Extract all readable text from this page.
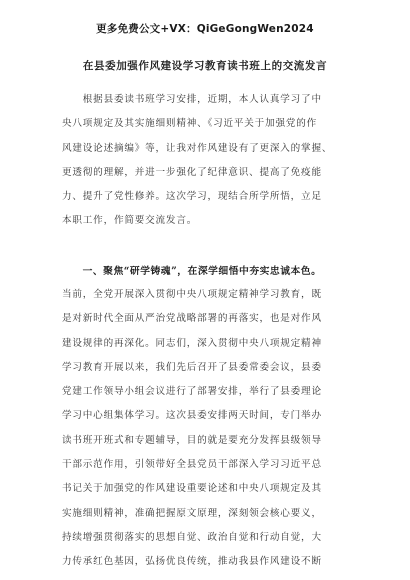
更多免费公文+VX：QiGeGongWen2024
在县委加强作风建设学习教育读书班上的交流发言
　　根据县委读书班学习安排，近期，本人认真学习了中
央八项规定及其实施细则精神、《习近平关于加强党的作
风建设论述摘编》等，让我对作风建设有了更深入的掌握、
更透彻的理解，并进一步强化了纪律意识、提高了免疫能
力、提升了党性修养。这次学习，现结合所学所悟，立足
本职工作，作简要交流发言。
　　一、聚焦“研学铸魂”，在深学细悟中夯实忠诚本色。
当前，全党开展深入贯彻中央八项规定精神学习教育，既
是对新时代全面从严治党战略部署的再落实，也是对作风
建设规律的再深化。同志们，深入贯彻中央八项规定精神
学习教育开展以来，我们先后召开了县委常委会议，县委
党建工作领导小组会议进行了部署安排，举行了县委理论
学习中心组集体学习。这次县委安排两天时间，专门举办
读书班开班式和专题辅导，目的就是要充分发挥县级领导
干部示范作用，引领带好全县党员干部深入学习习近平总
书记关于加强党的作风建设重要论述和中央八项规定及其
实施细则精神，准确把握原文原理，深刻领会核心要义，
持续增强贯彻落实的思想自觉、政治自觉和行动自觉，大
力传承红色基因，弘扬优良传统，推动我县作风建设不断
